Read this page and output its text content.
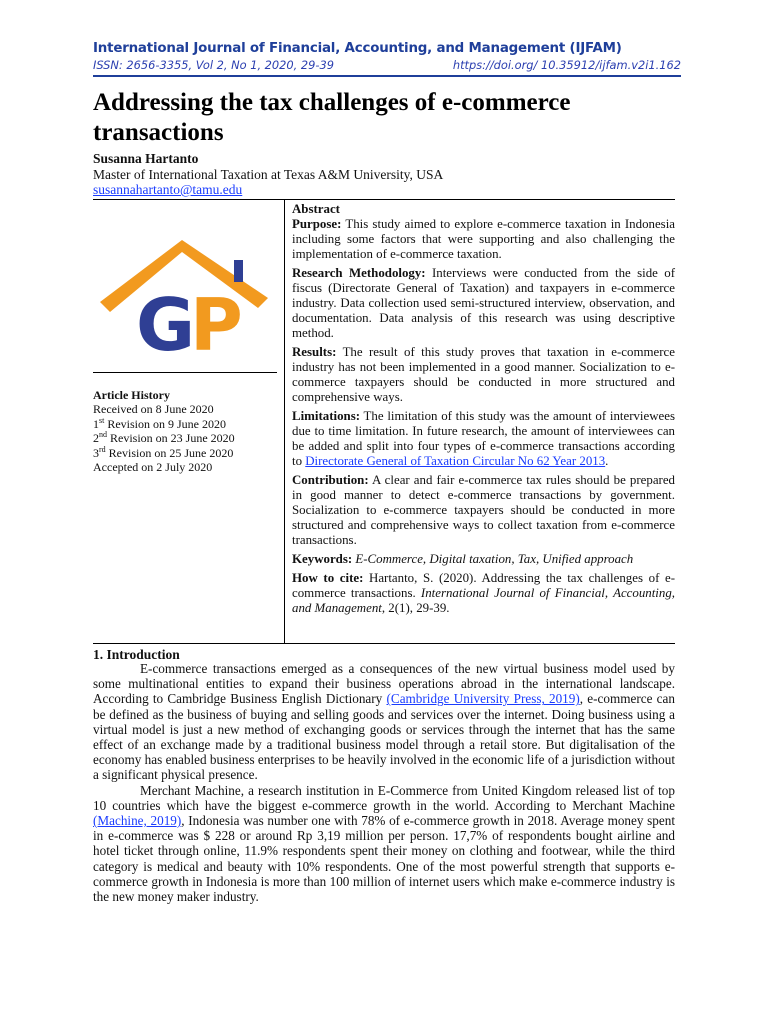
International Journal of Financial, Accounting, and Management (IJFAM)
ISSN: 2656-3355, Vol 2, No 1, 2020, 29-39	https://doi.org/ 10.35912/ijfam.v2i1.162
Addressing the tax challenges of e-commerce transactions
Susanna Hartanto
Master of International Taxation at Texas A&M University, USA
susannahartanto@tamu.edu
G
P
Article History
Received on 8 June 2020
1st Revision on 9 June 2020
2nd Revision on 23 June 2020
3rd Revision on 25 June 2020
Accepted on 2 July 2020

Abstract

Purpose: This study aimed to explore e-commerce taxation in Indonesia including some factors that were supporting and also challenging the implementation of e-commerce taxation.

Research Methodology: Interviews were conducted from the side of fiscus (Directorate General of Taxation) and taxpayers in e-commerce industry. Data collection used semi-structured interview, observation, and documentation. Data analysis of this research was using descriptive method.

Results: The result of this study proves that taxation in e-commerce industry has not been implemented in a good manner. Socialization to e-commerce taxpayers should be conducted in more structured and comprehensive ways.

Limitations: The limitation of this study was the amount of interviewees due to time limitation. In future research, the amount of interviewees can be added and split into four types of e-commerce transactions according to Directorate General of Taxation Circular No 62 Year 2013.

Contribution: A clear and fair e-commerce tax rules should be prepared in good manner to detect e-commerce transactions by government. Socialization to e-commerce taxpayers should be conducted in more structured and comprehensive ways to collect taxation from e-commerce transactions.

Keywords: E-Commerce, Digital taxation, Tax, Unified approach

How to cite: Hartanto, S. (2020). Addressing the tax challenges of e-commerce transactions. International Journal of Financial, Accounting, and Management, 2(1), 29-39.

1. Introduction

E-commerce transactions emerged as a consequences of the new virtual business model used by some multinational entities to expand their business operations abroad in the international landscape. According to Cambridge Business English Dictionary (Cambridge University Press, 2019), e-commerce can be defined as the business of buying and selling goods and services over the internet. Doing business using a virtual model is just a new method of exchanging goods or services through the internet that has the same effect of an exchange made by a traditional business model through a retail store. But digitalisation of the economy has enabled business enterprises to be heavily involved in the economic life of a jurisdiction without a significant physical presence.

Merchant Machine, a research institution in E-Commerce from United Kingdom released list of top 10 countries which have the biggest e-commerce growth in the world. According to Merchant Machine (Machine, 2019), Indonesia was number one with 78% of e-commerce growth in 2018. Average money spent in e-commerce was $ 228 or around Rp 3,19 million per person. 17,7% of respondents bought airline and hotel ticket through online, 11.9% respondents spent their money on clothing and footwear, while the third category is medical and beauty with 10% respondents. One of the most powerful strength that supports e-commerce growth in Indonesia is more than 100 million of internet users which make e-commerce industry is the new money maker industry.
